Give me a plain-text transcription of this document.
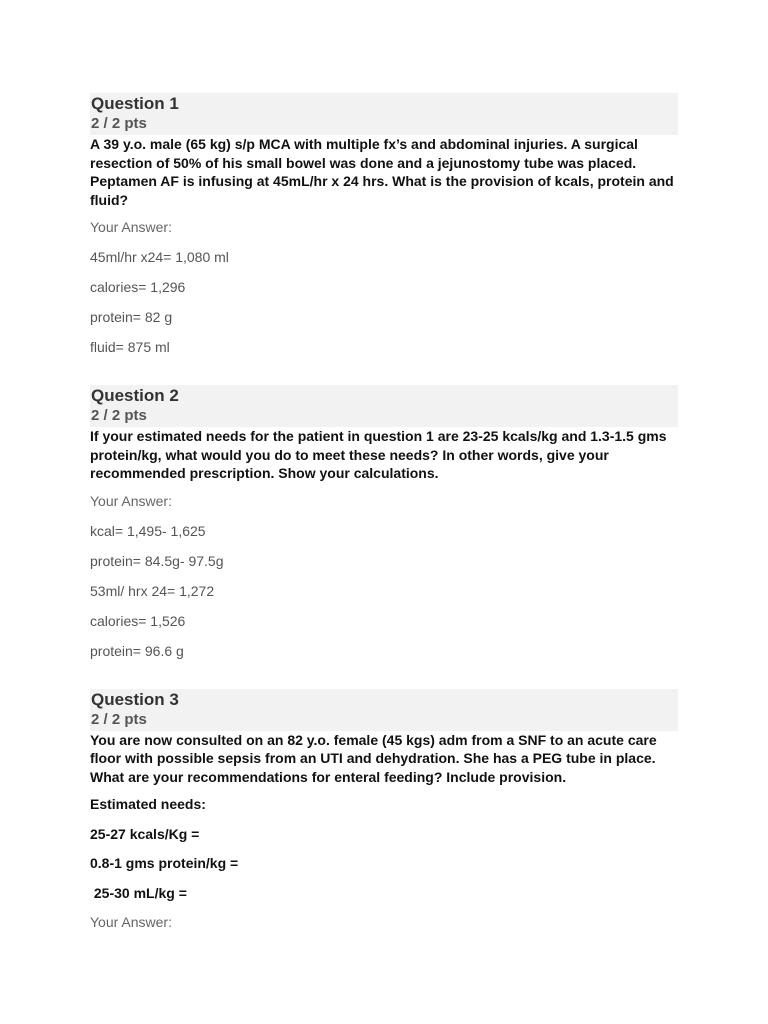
Question 1
2 / 2 pts

A 39 y.o. male (65 kg) s/p MCA with multiple fx’s and abdominal injuries. A surgical resection of 50% of his small bowel was done and a jejunostomy tube was placed. Peptamen AF is infusing at 45mL/hr x 24 hrs. What is the provision of kcals, protein and fluid?

Your Answer:

45ml/hr x24= 1,080 ml

calories= 1,296

protein= 82 g

fluid= 875 ml

Question 2
2 / 2 pts

If your estimated needs for the patient in question 1 are 23-25 kcals/kg and 1.3-1.5 gms protein/kg, what would you do to meet these needs? In other words, give your recommended prescription. Show your calculations.

Your Answer:

kcal= 1,495- 1,625

protein= 84.5g- 97.5g

53ml/ hrx 24= 1,272

calories= 1,526

protein= 96.6 g

Question 3
2 / 2 pts

You are now consulted on an 82 y.o. female (45 kgs) adm from a SNF to an acute care floor with possible sepsis from an UTI and dehydration. She has a PEG tube in place. What are your recommendations for enteral feeding? Include provision.

Estimated needs:

25-27 kcals/Kg =

0.8-1 gms protein/kg =

25-30 mL/kg =

Your Answer:
